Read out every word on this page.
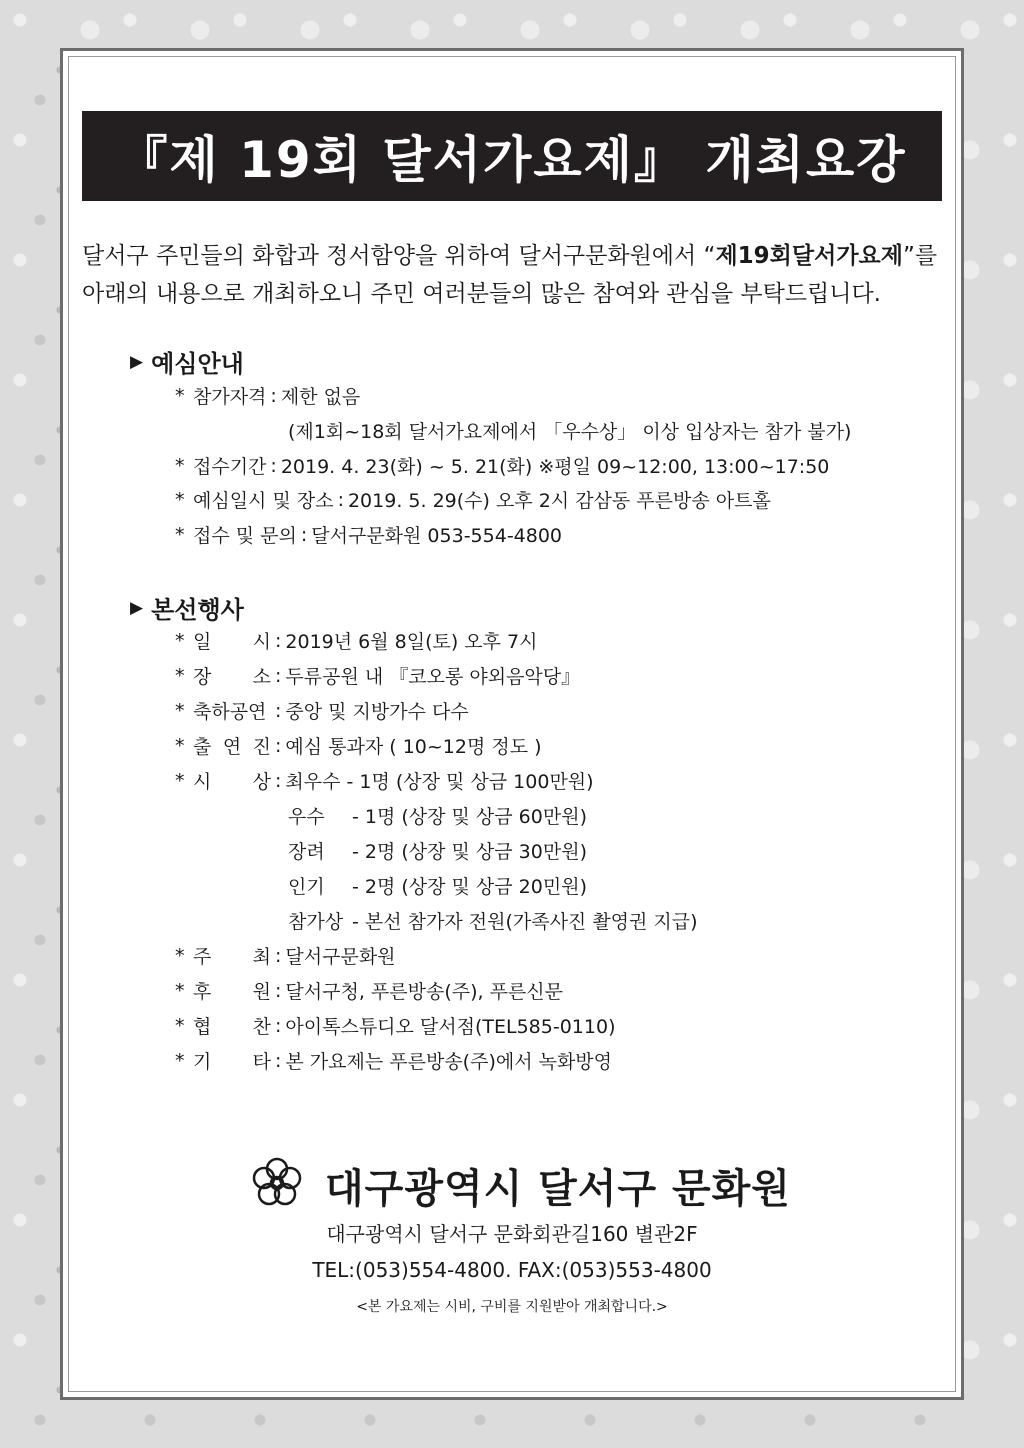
『제 19회 달서가요제』 개최요강
달서구 주민들의 화합과 정서함양을 위하여 달서구문화원에서 “제19회달서가요제”를
아래의 내용으로 개최하오니 주민 여러분들의 많은 참여와 관심을 부탁드립니다.
▶ 예심안내
* 참가자격 : 제한 없음
(제1회~18회 달서가요제에서 「우수상」 이상 입상자는 참가 불가)
* 접수기간 : 2019. 4. 23(화) ~ 5. 21(화) ※평일 09~12:00, 13:00~17:50
* 예심일시 및 장소 : 2019. 5. 29(수) 오후 2시 감삼동 푸른방송 아트홀
* 접수 및 문의 : 달서구문화원 053-554-4800
▶ 본선행사
* 일 시 : 2019년 6월 8일(토) 오후 7시
* 장 소 : 두류공원 내 『코오롱 야외음악당』
* 축하공연 : 중앙 및 지방가수 다수
* 출 연 진 : 예심 통과자 ( 10~12명 정도 )
* 시 상 : 최우수 - 1명 (상장 및 상금 100만원)
우수	- 1명 (상장 및 상금 60만원)
장려	- 2명 (상장 및 상금 30만원)
인기	- 2명 (상장 및 상금 20민원)
참가상 - 본선 참가자 전원(가족사진 촬영권 지급)
* 주 최 : 달서구문화원
* 후 원 : 달서구청, 푸른방송(주), 푸른신문
* 협 찬 : 아이톡스튜디오 달서점(TEL585-0110)
* 기 타 : 본 가요제는 푸른방송(주)에서 녹화방영
대구광역시 달서구 문화원
대구광역시 달서구 문화회관길160 별관2F
TEL:(053)554-4800. FAX:(053)553-4800
<본 가요제는 시비, 구비를 지원받아 개최합니다.>
